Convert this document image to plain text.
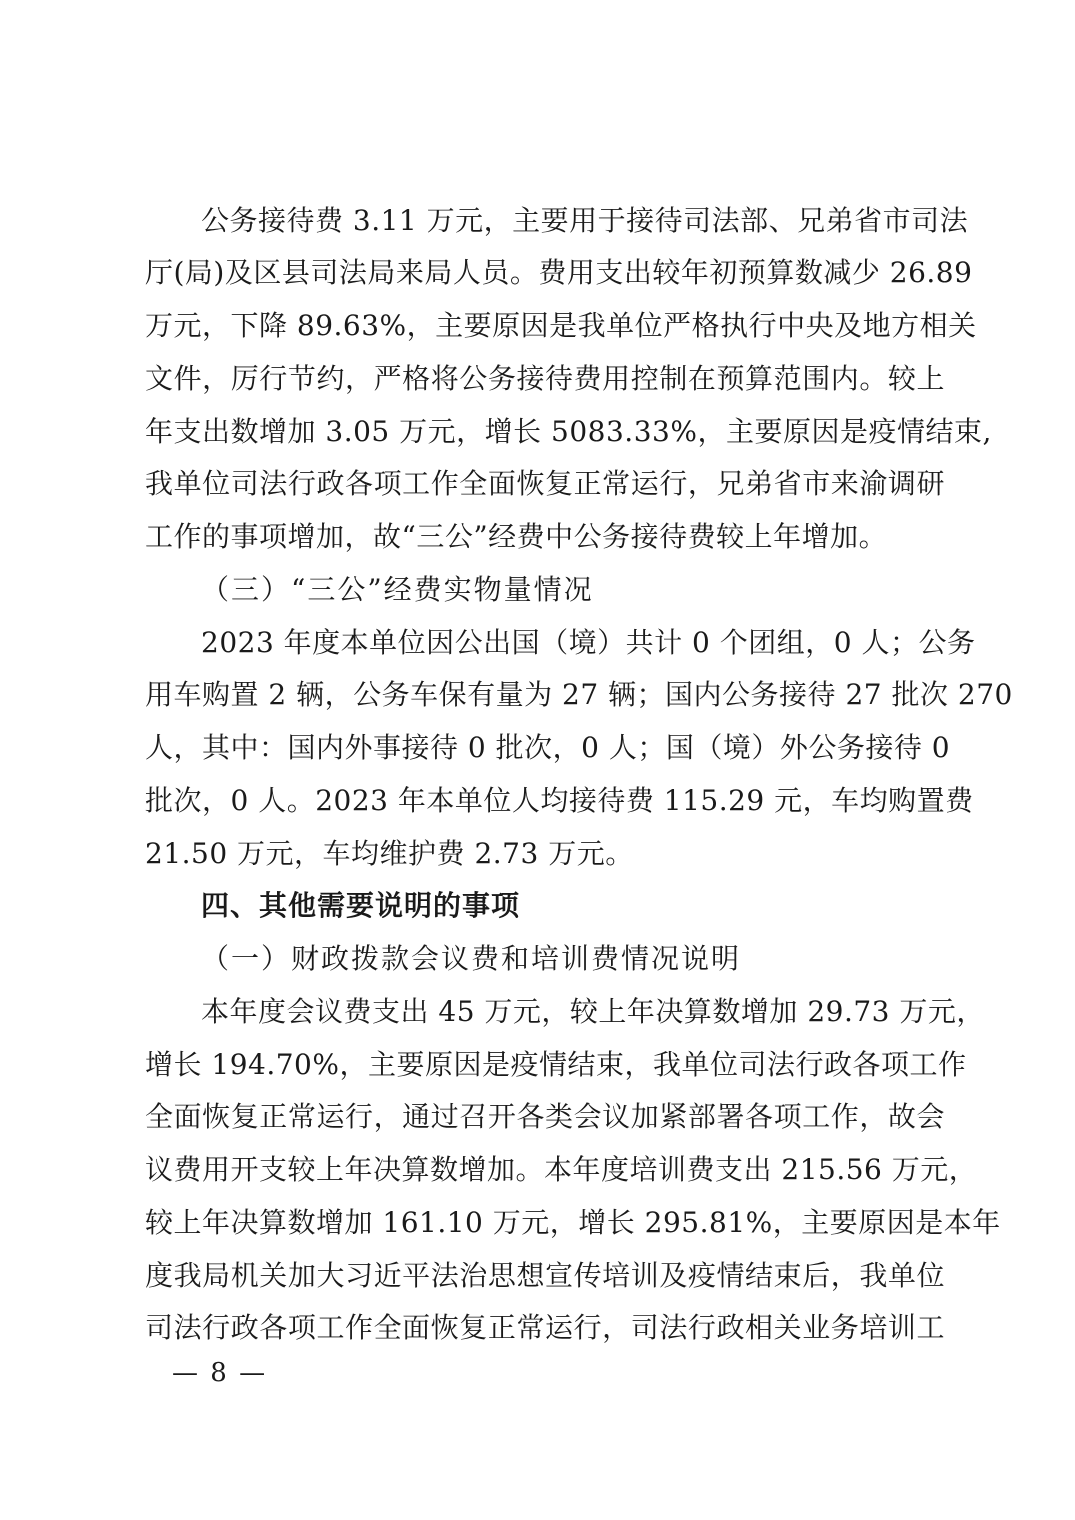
公务接待费 3.11 万元，主要用于接待司法部、兄弟省市司法
厅(局)及区县司法局来局人员。费用支出较年初预算数减少 26.89
万元，下降 89.63%，主要原因是我单位严格执行中央及地方相关
文件，厉行节约，严格将公务接待费用控制在预算范围内。较上
年支出数增加 3.05 万元，增长 5083.33%，主要原因是疫情结束,
我单位司法行政各项工作全面恢复正常运行，兄弟省市来渝调研
工作的事项增加，故“三公”经费中公务接待费较上年增加。
（三）“三公”经费实物量情况
2023 年度本单位因公出国（境）共计 0 个团组，0 人；公务
用车购置 2 辆，公务车保有量为 27 辆；国内公务接待 27 批次 270
人，其中：国内外事接待 0 批次，0 人；国（境）外公务接待 0
批次，0 人。2023 年本单位人均接待费 115.29 元，车均购置费
21.50 万元，车均维护费 2.73 万元。
四、其他需要说明的事项
（一）财政拨款会议费和培训费情况说明
本年度会议费支出 45 万元，较上年决算数增加 29.73 万元，
增长 194.70%，主要原因是疫情结束，我单位司法行政各项工作
全面恢复正常运行，通过召开各类会议加紧部署各项工作，故会
议费用开支较上年决算数增加。本年度培训费支出 215.56 万元，
较上年决算数增加 161.10 万元，增长 295.81%，主要原因是本年
度我局机关加大习近平法治思想宣传培训及疫情结束后，我单位
司法行政各项工作全面恢复正常运行，司法行政相关业务培训工
— 8 —
